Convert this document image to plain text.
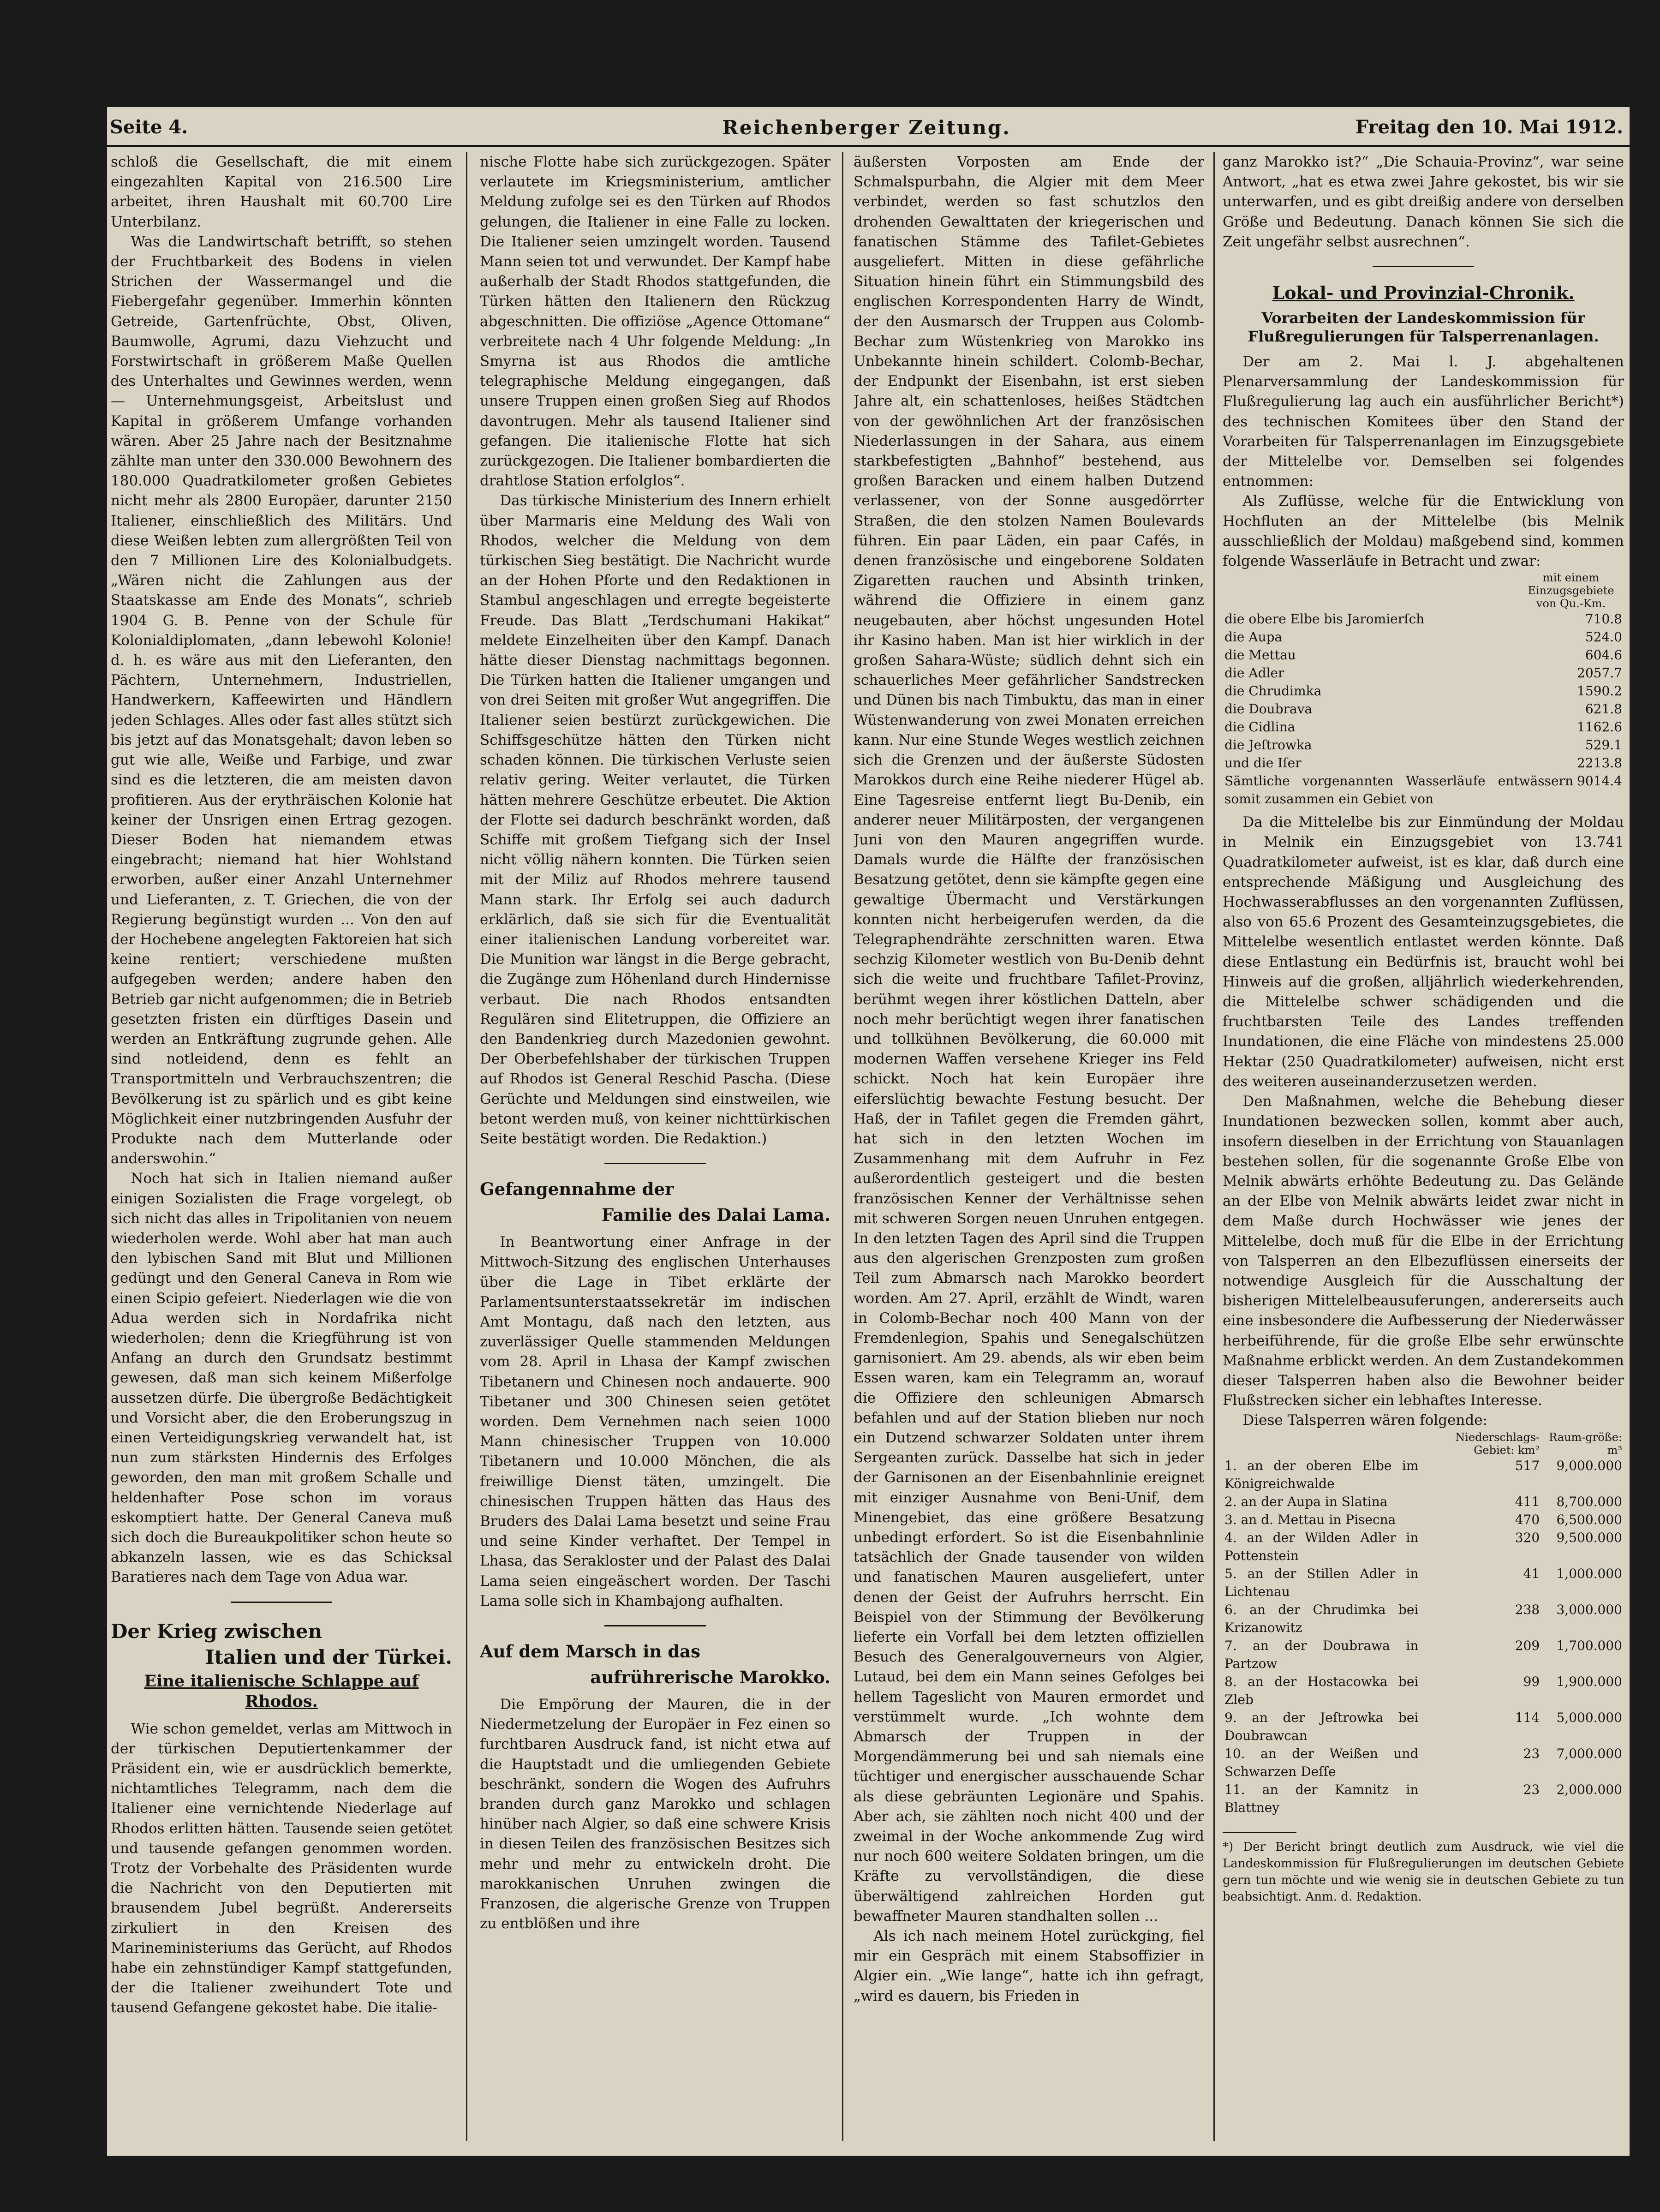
Seite 4.	Reichenberger Zeitung.	Freitag den 10. Mai 1912.

schloß die Gesellschaft, die mit einem eingezahlten Kapital von 216.500 Lire arbeitet, ihren Haushalt mit 60.700 Lire Unterbilanz.

Was die Landwirtschaft betrifft, so stehen der Fruchtbarkeit des Bodens in vielen Strichen der Wassermangel und die Fiebergefahr gegenüber. Immerhin könnten Getreide, Gartenfrüchte, Obst, Oliven, Baumwolle, Agrumi, dazu Viehzucht und Forstwirtschaft in größerem Maße Quellen des Unterhaltes und Gewinnes werden, wenn — Unternehmungsgeist, Arbeitslust und Kapital in größerem Umfange vorhanden wären. Aber 25 Jahre nach der Besitznahme zählte man unter den 330.000 Bewohnern des 180.000 Quadratkilometer großen Gebietes nicht mehr als 2800 Europäer, darunter 2150 Italiener, einschließlich des Militärs. Und diese Weißen lebten zum allergrößten Teil von den 7 Millionen Lire des Kolonialbudgets. „Wären nicht die Zahlungen aus der Staatskasse am Ende des Monats“, schrieb 1904 G. B. Penne von der Schule für Kolonialdiplomaten, „dann lebewohl Kolonie! d. h. es wäre aus mit den Lieferanten, den Pächtern, Unternehmern, Industriellen, Handwerkern, Kaffeewirten und Händlern jeden Schlages. Alles oder fast alles stützt sich bis jetzt auf das Monatsgehalt; davon leben so gut wie alle, Weiße und Farbige, und zwar sind es die letzteren, die am meisten davon profitieren. Aus der erythräischen Kolonie hat keiner der Unsrigen einen Ertrag gezogen. Dieser Boden hat niemandem etwas eingebracht; niemand hat hier Wohlstand erworben, außer einer Anzahl Unternehmer und Lieferanten, z. T. Griechen, die von der Regierung begünstigt wurden ... Von den auf der Hochebene angelegten Faktoreien hat sich keine rentiert; verschiedene mußten aufgegeben werden; andere haben den Betrieb gar nicht aufgenommen; die in Betrieb gesetzten fristen ein dürftiges Dasein und werden an Entkräftung zugrunde gehen. Alle sind notleidend, denn es fehlt an Transportmitteln und Verbrauchszentren; die Bevölkerung ist zu spärlich und es gibt keine Möglichkeit einer nutzbringenden Ausfuhr der Produkte nach dem Mutterlande oder anderswohin.“

Noch hat sich in Italien niemand außer einigen Sozialisten die Frage vorgelegt, ob sich nicht das alles in Tripolitanien von neuem wiederholen werde. Wohl aber hat man auch den lybischen Sand mit Blut und Millionen gedüngt und den General Caneva in Rom wie einen Scipio gefeiert. Niederlagen wie die von Adua werden sich in Nordafrika nicht wiederholen; denn die Kriegführung ist von Anfang an durch den Grundsatz bestimmt gewesen, daß man sich keinem Mißerfolge aussetzen dürfe. Die übergroße Bedächtigkeit und Vorsicht aber, die den Eroberungszug in einen Verteidigungskrieg verwandelt hat, ist nun zum stärksten Hindernis des Erfolges geworden, den man mit großem Schalle und heldenhafter Pose schon im voraus eskomptiert hatte. Der General Caneva muß sich doch die Bureaukpolitiker schon heute so abkanzeln lassen, wie es das Schicksal Baratieres nach dem Tage von Adua war.

Der Krieg zwischen
Italien und der Türkei.
Eine italienische Schlappe auf Rhodos.

Wie schon gemeldet, verlas am Mittwoch in der türkischen Deputiertenkammer der Präsident ein, wie er ausdrücklich bemerkte, nichtamtliches Telegramm, nach dem die Italiener eine vernichtende Niederlage auf Rhodos erlitten hätten. Tausende seien getötet und tausende gefangen genommen worden. Trotz der Vorbehalte des Präsidenten wurde die Nachricht von den Deputierten mit brausendem Jubel begrüßt. Andererseits zirkuliert in den Kreisen des Marineministeriums das Gerücht, auf Rhodos habe ein zehnstündiger Kampf stattgefunden, der die Italiener zweihundert Tote und tausend Gefangene gekostet habe. Die italie-

nische Flotte habe sich zurückgezogen. Später verlautete im Kriegsministerium, amtlicher Meldung zufolge sei es den Türken auf Rhodos gelungen, die Italiener in eine Falle zu locken. Die Italiener seien umzingelt worden. Tausend Mann seien tot und verwundet. Der Kampf habe außerhalb der Stadt Rhodos stattgefunden, die Türken hätten den Italienern den Rückzug abgeschnitten. Die offiziöse „Agence Ottomane“ verbreitete nach 4 Uhr folgende Meldung: „In Smyrna ist aus Rhodos die amtliche telegraphische Meldung eingegangen, daß unsere Truppen einen großen Sieg auf Rhodos davontrugen. Mehr als tausend Italiener sind gefangen. Die italienische Flotte hat sich zurückgezogen. Die Italiener bombardierten die drahtlose Station erfolglos“.

Das türkische Ministerium des Innern erhielt über Marmaris eine Meldung des Wali von Rhodos, welcher die Meldung von dem türkischen Sieg bestätigt. Die Nachricht wurde an der Hohen Pforte und den Redaktionen in Stambul angeschlagen und erregte begeisterte Freude. Das Blatt „Terdschumani Hakikat“ meldete Einzelheiten über den Kampf. Danach hätte dieser Dienstag nachmittags begonnen. Die Türken hatten die Italiener umgangen und von drei Seiten mit großer Wut angegriffen. Die Italiener seien bestürzt zurückgewichen. Die Schiffsgeschütze hätten den Türken nicht schaden können. Die türkischen Verluste seien relativ gering. Weiter verlautet, die Türken hätten mehrere Geschütze erbeutet. Die Aktion der Flotte sei dadurch beschränkt worden, daß Schiffe mit großem Tiefgang sich der Insel nicht völlig nähern konnten. Die Türken seien mit der Miliz auf Rhodos mehrere tausend Mann stark. Ihr Erfolg sei auch dadurch erklärlich, daß sie sich für die Eventualität einer italienischen Landung vorbereitet war. Die Munition war längst in die Berge gebracht, die Zugänge zum Höhenland durch Hindernisse verbaut. Die nach Rhodos entsandten Regulären sind Elitetruppen, die Offiziere an den Bandenkrieg durch Mazedonien gewohnt. Der Oberbefehlshaber der türkischen Truppen auf Rhodos ist General Reschid Pascha. (Diese Gerüchte und Meldungen sind einstweilen, wie betont werden muß, von keiner nichttürkischen Seite bestätigt worden. Die Redaktion.)

Gefangennahme der
Familie des Dalai Lama.

In Beantwortung einer Anfrage in der Mittwoch-Sitzung des englischen Unterhauses über die Lage in Tibet erklärte der Parlamentsunterstaatssekretär im indischen Amt Montagu, daß nach den letzten, aus zuverlässiger Quelle stammenden Meldungen vom 28. April in Lhasa der Kampf zwischen Tibetanern und Chinesen noch andauerte. 900 Tibetaner und 300 Chinesen seien getötet worden. Dem Vernehmen nach seien 1000 Mann chinesischer Truppen von 10.000 Tibetanern und 10.000 Mönchen, die als freiwillige Dienst täten, umzingelt. Die chinesischen Truppen hätten das Haus des Bruders des Dalai Lama besetzt und seine Frau und seine Kinder verhaftet. Der Tempel in Lhasa, das Serakloster und der Palast des Dalai Lama seien eingeäschert worden. Der Taschi Lama solle sich in Khambajong aufhalten.

Auf dem Marsch in das
aufrührerische Marokko.

Die Empörung der Mauren, die in der Niedermetzelung der Europäer in Fez einen so furchtbaren Ausdruck fand, ist nicht etwa auf die Hauptstadt und die umliegenden Gebiete beschränkt, sondern die Wogen des Aufruhrs branden durch ganz Marokko und schlagen hinüber nach Algier, so daß eine schwere Krisis in diesen Teilen des französischen Besitzes sich mehr und mehr zu entwickeln droht. Die marokkanischen Unruhen zwingen die Franzosen, die algerische Grenze von Truppen zu entblößen und ihre

äußersten Vorposten am Ende der Schmalspurbahn, die Algier mit dem Meer verbindet, werden so fast schutzlos den drohenden Gewalttaten der kriegerischen und fanatischen Stämme des Tafilet-Gebietes ausgeliefert. Mitten in diese gefährliche Situation hinein führt ein Stimmungsbild des englischen Korrespondenten Harry de Windt, der den Ausmarsch der Truppen aus Colomb-Bechar zum Wüstenkrieg von Marokko ins Unbekannte hinein schildert. Colomb-Bechar, der Endpunkt der Eisenbahn, ist erst sieben Jahre alt, ein schattenloses, heißes Städtchen von der gewöhnlichen Art der französischen Niederlassungen in der Sahara, aus einem starkbefestigten „Bahnhof“ bestehend, aus großen Baracken und einem halben Dutzend verlassener, von der Sonne ausgedörrter Straßen, die den stolzen Namen Boulevards führen. Ein paar Läden, ein paar Cafés, in denen französische und eingeborene Soldaten Zigaretten rauchen und Absinth trinken, während die Offiziere in einem ganz neugebauten, aber höchst ungesunden Hotel ihr Kasino haben. Man ist hier wirklich in der großen Sahara-Wüste; südlich dehnt sich ein schauerliches Meer gefährlicher Sandstrecken und Dünen bis nach Timbuktu, das man in einer Wüstenwanderung von zwei Monaten erreichen kann. Nur eine Stunde Weges westlich zeichnen sich die Grenzen und der äußerste Südosten Marokkos durch eine Reihe niederer Hügel ab. Eine Tagesreise entfernt liegt Bu-Denib, ein anderer neuer Militärposten, der vergangenen Juni von den Mauren angegriffen wurde. Damals wurde die Hälfte der französischen Besatzung getötet, denn sie kämpfte gegen eine gewaltige Übermacht und Verstärkungen konnten nicht herbeigerufen werden, da die Telegraphendrähte zerschnitten waren. Etwa sechzig Kilometer westlich von Bu-Denib dehnt sich die weite und fruchtbare Tafilet-Provinz, berühmt wegen ihrer köstlichen Datteln, aber noch mehr berüchtigt wegen ihrer fanatischen und tollkühnen Bevölkerung, die 60.000 mit modernen Waffen versehene Krieger ins Feld schickt. Noch hat kein Europäer ihre eiferslüchtig bewachte Festung besucht. Der Haß, der in Tafilet gegen die Fremden gährt, hat sich in den letzten Wochen im Zusammenhang mit dem Aufruhr in Fez außerordentlich gesteigert und die besten französischen Kenner der Verhältnisse sehen mit schweren Sorgen neuen Unruhen entgegen. In den letzten Tagen des April sind die Truppen aus den algerischen Grenzposten zum großen Teil zum Abmarsch nach Marokko beordert worden. Am 27. April, erzählt de Windt, waren in Colomb-Bechar noch 400 Mann von der Fremdenlegion, Spahis und Senegalschützen garnisoniert. Am 29. abends, als wir eben beim Essen waren, kam ein Telegramm an, worauf die Offiziere den schleunigen Abmarsch befahlen und auf der Station blieben nur noch ein Dutzend schwarzer Soldaten unter ihrem Sergeanten zurück. Dasselbe hat sich in jeder der Garnisonen an der Eisenbahnlinie ereignet mit einziger Ausnahme von Beni-Unif, dem Minengebiet, das eine größere Besatzung unbedingt erfordert. So ist die Eisenbahnlinie tatsächlich der Gnade tausender von wilden und fanatischen Mauren ausgeliefert, unter denen der Geist der Aufruhrs herrscht. Ein Beispiel von der Stimmung der Bevölkerung lieferte ein Vorfall bei dem letzten offiziellen Besuch des Generalgouverneurs von Algier, Lutaud, bei dem ein Mann seines Gefolges bei hellem Tageslicht von Mauren ermordet und verstümmelt wurde. „Ich wohnte dem Abmarsch der Truppen in der Morgendämmerung bei und sah niemals eine tüchtiger und energischer ausschauende Schar als diese gebräunten Legionäre und Spahis. Aber ach, sie zählten noch nicht 400 und der zweimal in der Woche ankommende Zug wird nur noch 600 weitere Soldaten bringen, um die Kräfte zu vervollständigen, die diese überwältigend zahlreichen Horden gut bewaffneter Mauren standhalten sollen ...

Als ich nach meinem Hotel zurückging, fiel mir ein Gespräch mit einem Stabsoffizier in Algier ein. „Wie lange“, hatte ich ihn gefragt, „wird es dauern, bis Frieden in

ganz Marokko ist?“ „Die Schauia-Provinz“, war seine Antwort, „hat es etwa zwei Jahre gekostet, bis wir sie unterwarfen, und es gibt dreißig andere von derselben Größe und Bedeutung. Danach können Sie sich die Zeit ungefähr selbst ausrechnen“.

Lokal- und Provinzial-Chronik.
Vorarbeiten der Landeskommission für Flußregulierungen für Talsperrenanlagen.

Der am 2. Mai l. J. abgehaltenen Plenarversammlung der Landeskommission für Flußregulierung lag auch ein ausführlicher Bericht*) des technischen Komitees über den Stand der Vorarbeiten für Talsperrenanlagen im Einzugsgebiete der Mittelelbe vor. Demselben sei folgendes entnommen:

Als Zuflüsse, welche für die Entwicklung von Hochfluten an der Mittelelbe (bis Melnik ausschließlich der Moldau) maßgebend sind, kommen folgende Wasserläufe in Betracht und zwar:

mit einem Einzugsgebiete von Qu.-Km.
die obere Elbe bis Jaromierſch	710.8
die Aupa	524.0
die Mettau	604.6
die Adler	2057.7
die Chrudimka	1590.2
die Doubrava	621.8
die Cidlina	1162.6
die Jeſtrowka	529.1
und die Iſer	2213.8
Sämtliche vorgenannten Wasserläufe entwässern somit zusammen ein Gebiet von	9014.4

Da die Mittelelbe bis zur Einmündung der Moldau in Melnik ein Einzugsgebiet von 13.741 Quadratkilometer aufweist, ist es klar, daß durch eine entsprechende Mäßigung und Ausgleichung des Hochwasserabflusses an den vorgenannten Zuflüssen, also von 65.6 Prozent des Gesamteinzugsgebietes, die Mittelelbe wesentlich entlastet werden könnte. Daß diese Entlastung ein Bedürfnis ist, braucht wohl bei Hinweis auf die großen, alljährlich wiederkehrenden, die Mittelelbe schwer schädigenden und die fruchtbarsten Teile des Landes treffenden Inundationen, die eine Fläche von mindestens 25.000 Hektar (250 Quadratkilometer) aufweisen, nicht erst des weiteren auseinanderzusetzen werden.

Den Maßnahmen, welche die Behebung dieser Inundationen bezwecken sollen, kommt aber auch, insofern dieselben in der Errichtung von Stauanlagen bestehen sollen, für die sogenannte Große Elbe von Melnik abwärts erhöhte Bedeutung zu. Das Gelände an der Elbe von Melnik abwärts leidet zwar nicht in dem Maße durch Hochwässer wie jenes der Mittelelbe, doch muß für die Elbe in der Errichtung von Talsperren an den Elbezuflüssen einerseits der notwendige Ausgleich für die Ausschaltung der bisherigen Mittelelbeausuferungen, andererseits auch eine insbesondere die Aufbesserung der Niederwässer herbeiführende, für die große Elbe sehr erwünschte Maßnahme erblickt werden. An dem Zustandekommen dieser Talsperren haben also die Bewohner beider Flußstrecken sicher ein lebhaftes Interesse.

Diese Talsperren wären folgende:

	Niederschlags-Gebiet: km²	Raum-größe: m³
1. an der oberen Elbe im Königreichwalde	517	9,000.000
2. an der Aupa in Slatina	411	8,700.000
3. an d. Mettau in Pisecna	470	6,500.000
4. an der Wilden Adler in Pottenstein	320	9,500.000
5. an der Stillen Adler in Lichtenau	41	1,000.000
6. an der Chrudimka bei Krizanowitz	238	3,000.000
7. an der Doubrawa in Partzow	209	1,700.000
8. an der Hostacowka bei Zleb	99	1,900.000
9. an der Jeſtrowka bei Doubrawcan	114	5,000.000
10. an der Weißen und Schwarzen Deſſe	23	7,000.000
11. an der Kamnitz in Blattney	23	2,000.000
*) Der Bericht bringt deutlich zum Ausdruck, wie viel die Landeskommission für Flußregulierungen im deutschen Gebiete gern tun möchte und wie wenig sie in deutschen Gebiete zu tun beabsichtigt. Anm. d. Redaktion.
